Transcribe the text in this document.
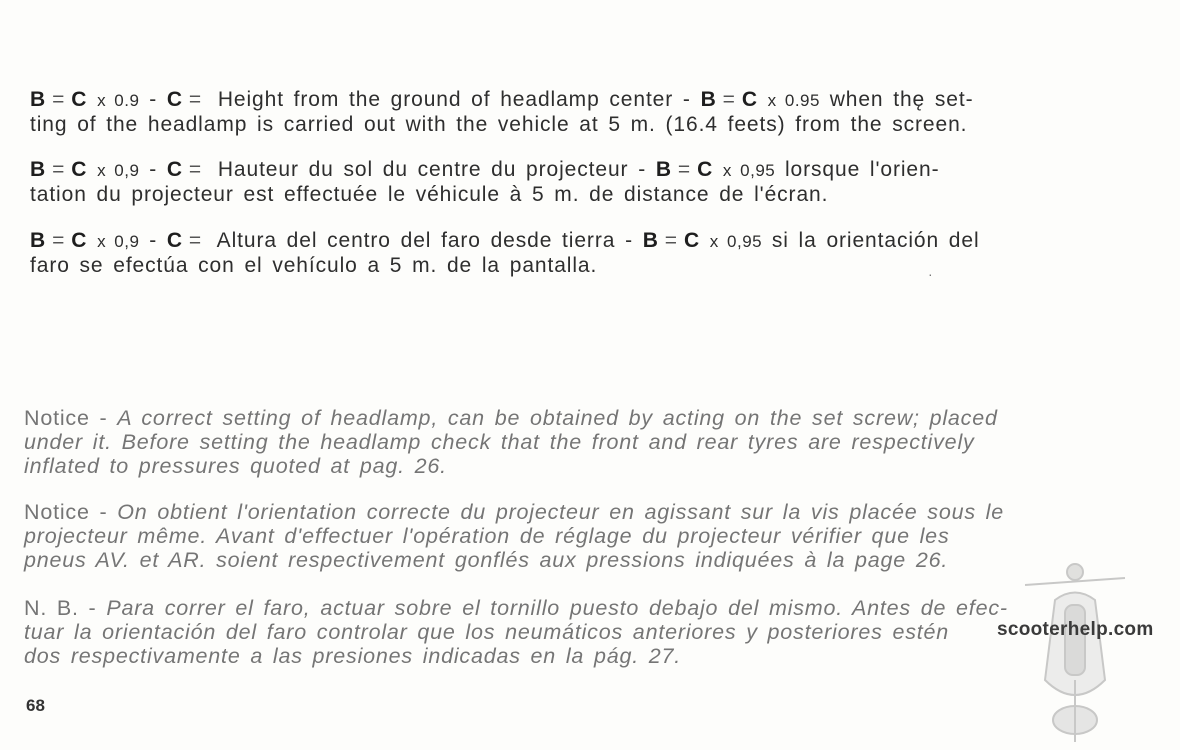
B = C x 0.9 - C = Height from the ground of headlamp center - B = C x 0.95 when thę set-
ting of the headlamp is carried out with the vehicle at 5 m. (16.4 feets) from the screen.

B = C x 0,9 - C = Hauteur du sol du centre du projecteur - B = C x 0,95 lorsque l'orien-
tation du projecteur est effectuée le véhicule à 5 m. de distance de l'écran.

B = C x 0,9 - C = Altura del centro del faro desde tierra - B = C x 0,95 si la orientación del
faro se efectúa con el vehículo a 5 m. de la pantalla.	·

Notice - A correct setting of headlamp, can be obtained by acting on the set screw; placed
under it. Before setting the headlamp check that the front and rear tyres are respectively
inflated to pressures quoted at pag. 26.

Notice - On obtient l'orientation correcte du projecteur en agissant sur la vis placée sous le
projecteur même. Avant d'effectuer l'opération de réglage du projecteur vérifier que les
pneus AV. et AR. soient respectivement gonflés aux pressions indiquées à la page 26.

N. B. - Para correr el faro, actuar sobre el tornillo puesto debajo del mismo. Antes de efec-
tuar la orientación del faro controlar que los neumáticos anteriores y posteriores estén
dos respectivamente a las presiones indicadas en la pág. 27.

scooterhelp.com
68
